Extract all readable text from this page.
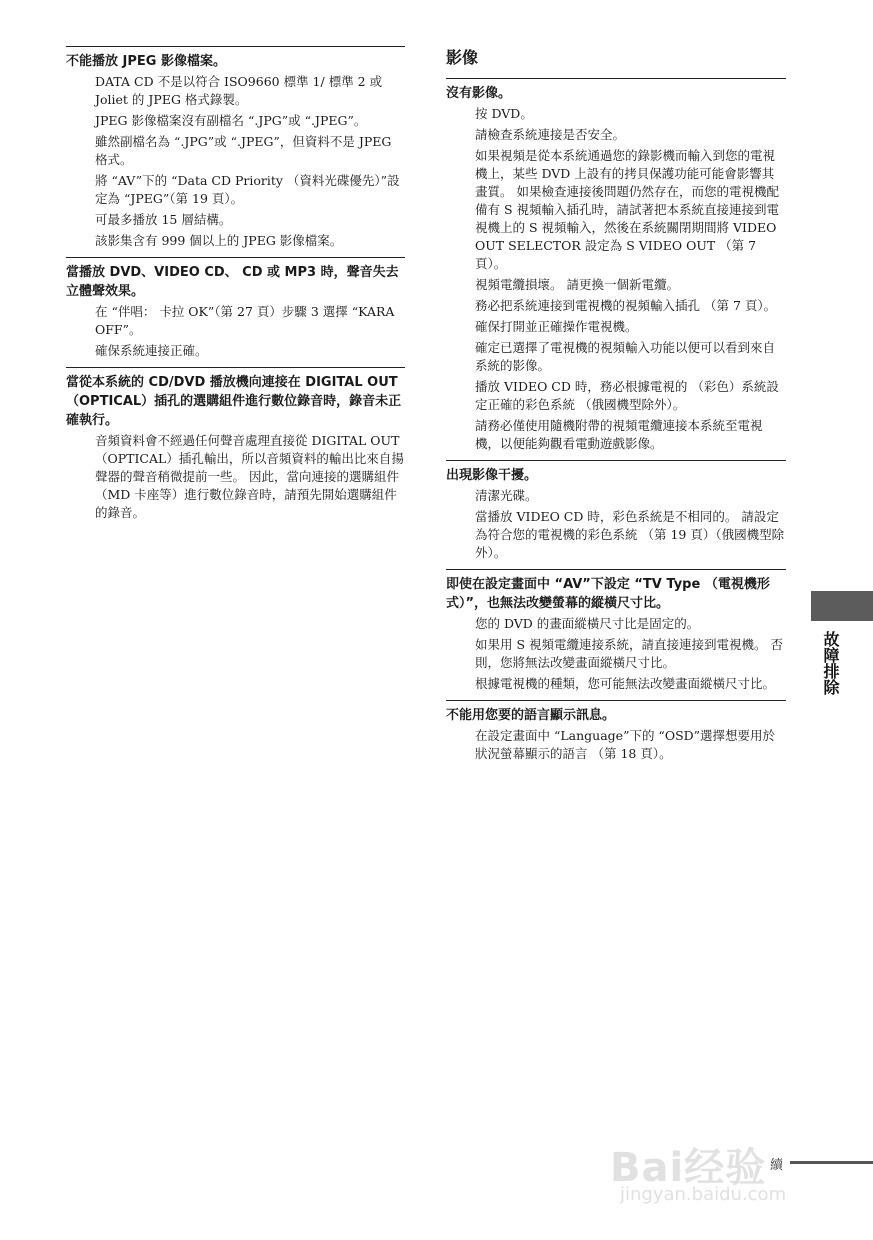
不能播放 JPEG 影像檔案。
DATA CD 不是以符合 ISO9660 標準 1/ 標準 2 或 Joliet 的 JPEG 格式錄製。
JPEG 影像檔案沒有副檔名 “.JPG”或 “.JPEG”。
雖然副檔名為 “.JPG”或 “.JPEG”，但資料不是 JPEG 格式。
將 “AV”下的 “Data CD Priority （資料光碟優先）”設定為 “JPEG”（第 19 頁）。
可最多播放 15 層結構。
該影集含有 999 個以上的 JPEG 影像檔案。
當播放 DVD、VIDEO CD、 CD 或 MP3 時，聲音失去立體聲效果。
在 “伴唱： 卡拉 OK”（第 27 頁）步驟 3 選擇 “KARA OFF”。
確保系統連接正確。
當從本系統的 CD/DVD 播放機向連接在 DIGITAL OUT （OPTICAL）插孔的選購組件進行數位錄音時，錄音未正確執行。
音頻資料會不經過任何聲音處理直接從 DIGITAL OUT （OPTICAL）插孔輸出，所以音頻資料的輸出比來自揚聲器的聲音稍微提前一些。 因此，當向連接的選購組件 （MD 卡座等）進行數位錄音時，請預先開始選購組件的錄音。
影像
沒有影像。
按 DVD。
請檢查系統連接是否安全。
如果視頻是從本系統通過您的錄影機而輸入到您的電視機上，某些 DVD 上設有的拷貝保護功能可能會影響其畫質。 如果檢查連接後問題仍然存在，而您的電視機配備有 S 視頻輸入插孔時，請試著把本系統直接連接到電視機上的 S 視頻輸入，然後在系統關閉期間將 VIDEO OUT SELECTOR 設定為 S VIDEO OUT （第 7 頁）。
視頻電纜損壞。 請更換一個新電纜。
務必把系統連接到電視機的視頻輸入插孔 （第 7 頁）。
確保打開並正確操作電視機。
確定已選擇了電視機的視頻輸入功能以便可以看到來自系統的影像。
播放 VIDEO CD 時，務必根據電視的 （彩色）系統設定正確的彩色系統 （俄國機型除外）。
請務必僅使用隨機附帶的視頻電纜連接本系統至電視機，以便能夠觀看電動遊戲影像。
出現影像干擾。
清潔光碟。
當播放 VIDEO CD 時，彩色系統是不相同的。 請設定為符合您的電視機的彩色系統 （第 19 頁）（俄國機型除外）。
即使在設定畫面中 “AV”下設定 “TV Type （電視機形式）”，也無法改變螢幕的縱橫尺寸比。
您的 DVD 的畫面縱橫尺寸比是固定的。
如果用 S 視頻電纜連接系統，請直接連接到電視機。 否則，您將無法改變畫面縱橫尺寸比。
根據電視機的種類，您可能無法改變畫面縱橫尺寸比。
不能用您要的語言顯示訊息。
在設定畫面中 “Language”下的 “OSD”選擇想要用於狀況螢幕顯示的語言 （第 18 頁）。
故障排除
Bai经验
jingyan.baidu.com
續
